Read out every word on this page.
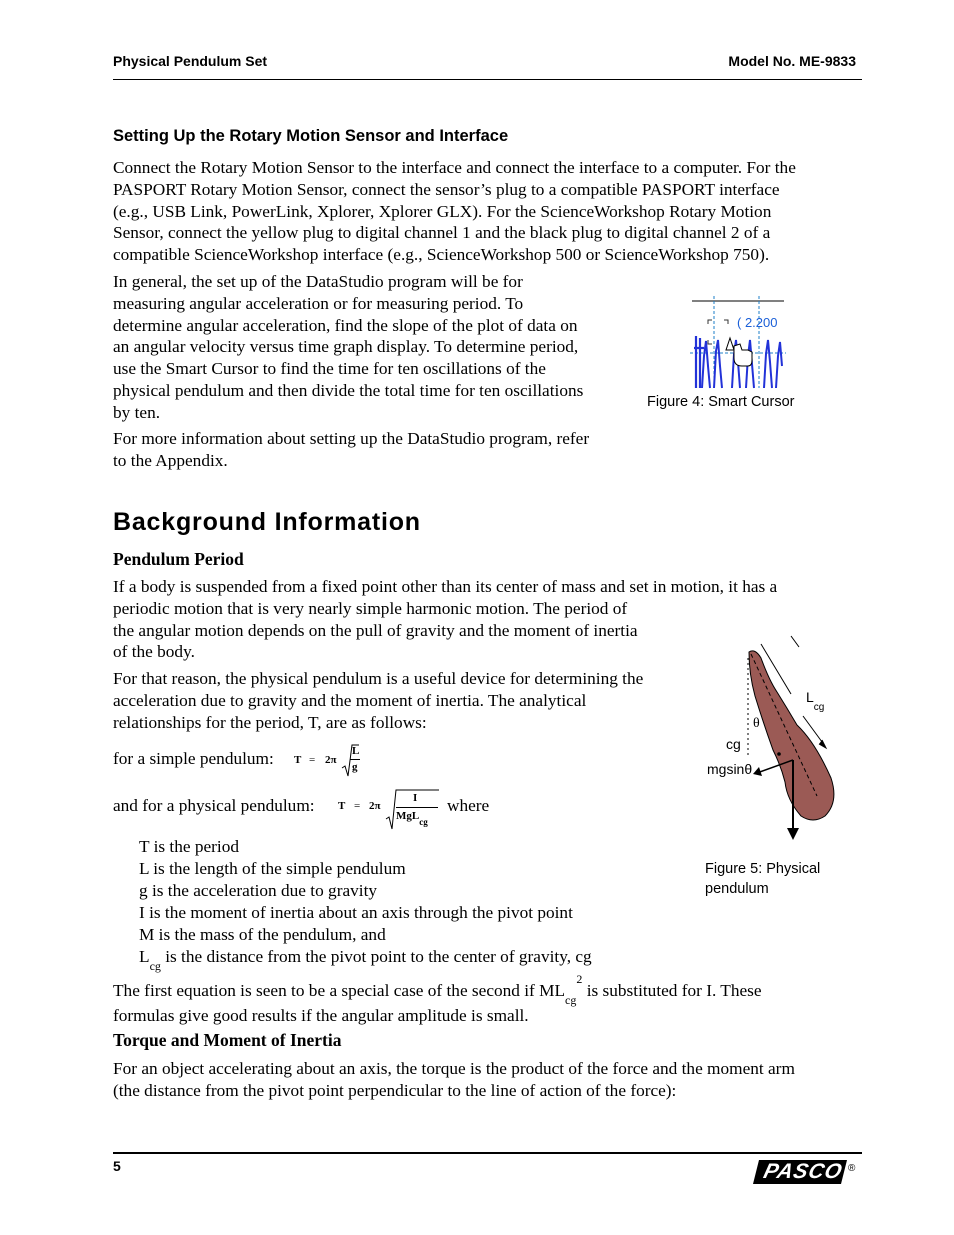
Physical Pendulum Set	Model No. ME-9833
Setting Up the Rotary Motion Sensor and Interface
Connect the Rotary Motion Sensor to the interface and connect the interface to a computer. For the
PASPORT Rotary Motion Sensor, connect the sensor’s plug to a compatible PASPORT interface
(e.g., USB Link, PowerLink, Xplorer, Xplorer GLX). For the ScienceWorkshop Rotary Motion
Sensor, connect the yellow plug to digital channel 1 and the black plug to digital channel 2 of a
compatible ScienceWorkshop interface (e.g., ScienceWorkshop 500 or ScienceWorkshop 750).
In general, the set up of the DataStudio program will be for
measuring angular acceleration or for measuring period. To
determine angular acceleration, find the slope of the plot of data on
an angular velocity versus time graph display. To determine period,
use the Smart Cursor to find the time for ten oscillations of the
physical pendulum and then divide the total time for ten oscillations
by ten.
For more information about setting up the DataStudio program, refer
to the Appendix.
( 2.200
Figure 4: Smart Cursor
Background Information
Pendulum Period
If a body is suspended from a fixed point other than its center of mass and set in motion, it has a
periodic motion that is very nearly simple harmonic motion. The period of
the angular motion depends on the pull of gravity and the moment of inertia
of the body.
For that reason, the physical pendulum is a useful device for determining the
acceleration due to gravity and the moment of inertia. The analytical
relationships for the period, T, are as follows:
for a simple pendulum: T = 2π
L
g
and for a physical pendulum: T = 2π
I
MgL$_{cg}$
where
T is the period
L is the length of the simple pendulum
g is the acceleration due to gravity
I is the moment of inertia about an axis through the pivot point
M is the mass of the pendulum, and
$L_{cg}$ is the distance from the pivot point to the center of gravity, cg
The first equation is seen to be a special case of the second if $ML_{cg}^2$ is substituted for I. These
formulas give good results if the angular amplitude is small.
$L_{cg}$
θ
cg
mgsinθ
Figure 5: Physical
pendulum
Torque and Moment of Inertia
For an object accelerating about an axis, the torque is the product of the force and the moment arm
(the distance from the pivot point perpendicular to the line of action of the force):
5	PASCO ®
